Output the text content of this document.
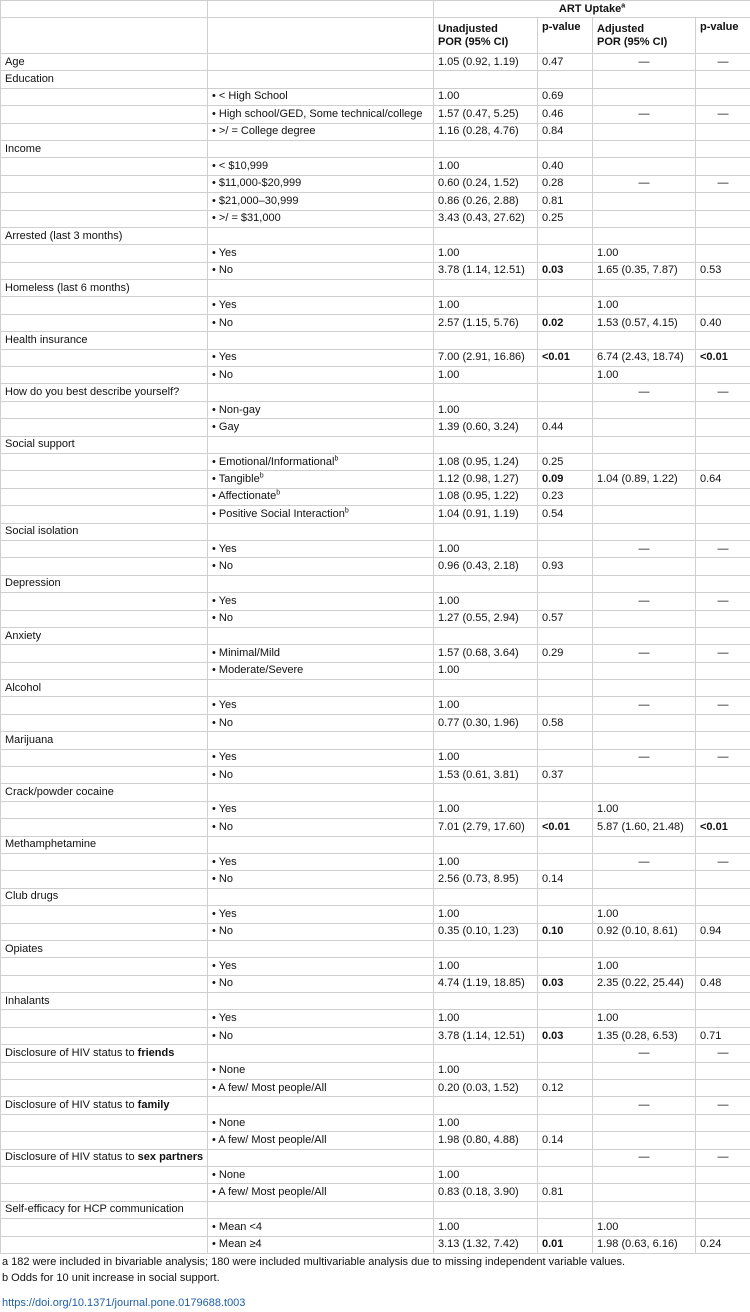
		ART Uptake$^a$
		Unadjusted
POR (95% CI)	p-value	Adjusted
POR (95% CI)	p-value
Age		1.05 (0.92, 1.19)	0.47	—	—
Education					
	• < High School	1.00	0.69		
	• High school/GED, Some technical/college	1.57 (0.47, 5.25)	0.46	—	—
	• >/ = College degree	1.16 (0.28, 4.76)	0.84		
Income					
	• < $10,999	1.00	0.40		
	• $11,000-$20,999	0.60 (0.24, 1.52)	0.28	—	—
	• $21,000–30,999	0.86 (0.26, 2.88)	0.81		
	• >/ = $31,000	3.43 (0.43, 27.62)	0.25		
Arrested (last 3 months)					
	• Yes	1.00		1.00	
	• No	3.78 (1.14, 12.51)	0.03	1.65 (0.35, 7.87)	0.53
Homeless (last 6 months)					
	• Yes	1.00		1.00	
	• No	2.57 (1.15, 5.76)	0.02	1.53 (0.57, 4.15)	0.40
Health insurance					
	• Yes	7.00 (2.91, 16.86)	<0.01	6.74 (2.43, 18.74)	<0.01
	• No	1.00		1.00	
How do you best describe yourself?				—	—
	• Non-gay	1.00			
	• Gay	1.39 (0.60, 3.24)	0.44		
Social support					
	• Emotional/Informational$^b$	1.08 (0.95, 1.24)	0.25		
	• Tangible$^b$	1.12 (0.98, 1.27)	0.09	1.04 (0.89, 1.22)	0.64
	• Affectionate$^b$	1.08 (0.95, 1.22)	0.23		
	• Positive Social Interaction$^b$	1.04 (0.91, 1.19)	0.54		
Social isolation					
	• Yes	1.00		—	—
	• No	0.96 (0.43, 2.18)	0.93		
Depression					
	• Yes	1.00		—	—
	• No	1.27 (0.55, 2.94)	0.57		
Anxiety					
	• Minimal/Mild	1.57 (0.68, 3.64)	0.29	—	—
	• Moderate/Severe	1.00			
Alcohol					
	• Yes	1.00		—	—
	• No	0.77 (0.30, 1.96)	0.58		
Marijuana					
	• Yes	1.00		—	—
	• No	1.53 (0.61, 3.81)	0.37		
Crack/powder cocaine					
	• Yes	1.00		1.00	
	• No	7.01 (2.79, 17.60)	<0.01	5.87 (1.60, 21.48)	<0.01
Methamphetamine					
	• Yes	1.00		—	—
	• No	2.56 (0.73, 8.95)	0.14		
Club drugs					
	• Yes	1.00		1.00	
	• No	0.35 (0.10, 1.23)	0.10	0.92 (0.10, 8.61)	0.94
Opiates					
	• Yes	1.00		1.00	
	• No	4.74 (1.19, 18.85)	0.03	2.35 (0.22, 25.44)	0.48
Inhalants					
	• Yes	1.00		1.00	
	• No	3.78 (1.14, 12.51)	0.03	1.35 (0.28, 6.53)	0.71
Disclosure of HIV status to friends				—	—
	• None	1.00			
	• A few/ Most people/All	0.20 (0.03, 1.52)	0.12		
Disclosure of HIV status to family				—	—
	• None	1.00			
	• A few/ Most people/All	1.98 (0.80, 4.88)	0.14		
Disclosure of HIV status to sex partners				—	—
	• None	1.00			
	• A few/ Most people/All	0.83 (0.18, 3.90)	0.81		
Self-efficacy for HCP communication					
	• Mean <4	1.00		1.00	
	• Mean ≥4	3.13 (1.32, 7.42)	0.01	1.98 (0.63, 6.16)	0.24
a 182 were included in bivariable analysis; 180 were included multivariable analysis due to missing independent variable values.
b Odds for 10 unit increase in social support.
https://doi.org/10.1371/journal.pone.0179688.t003
